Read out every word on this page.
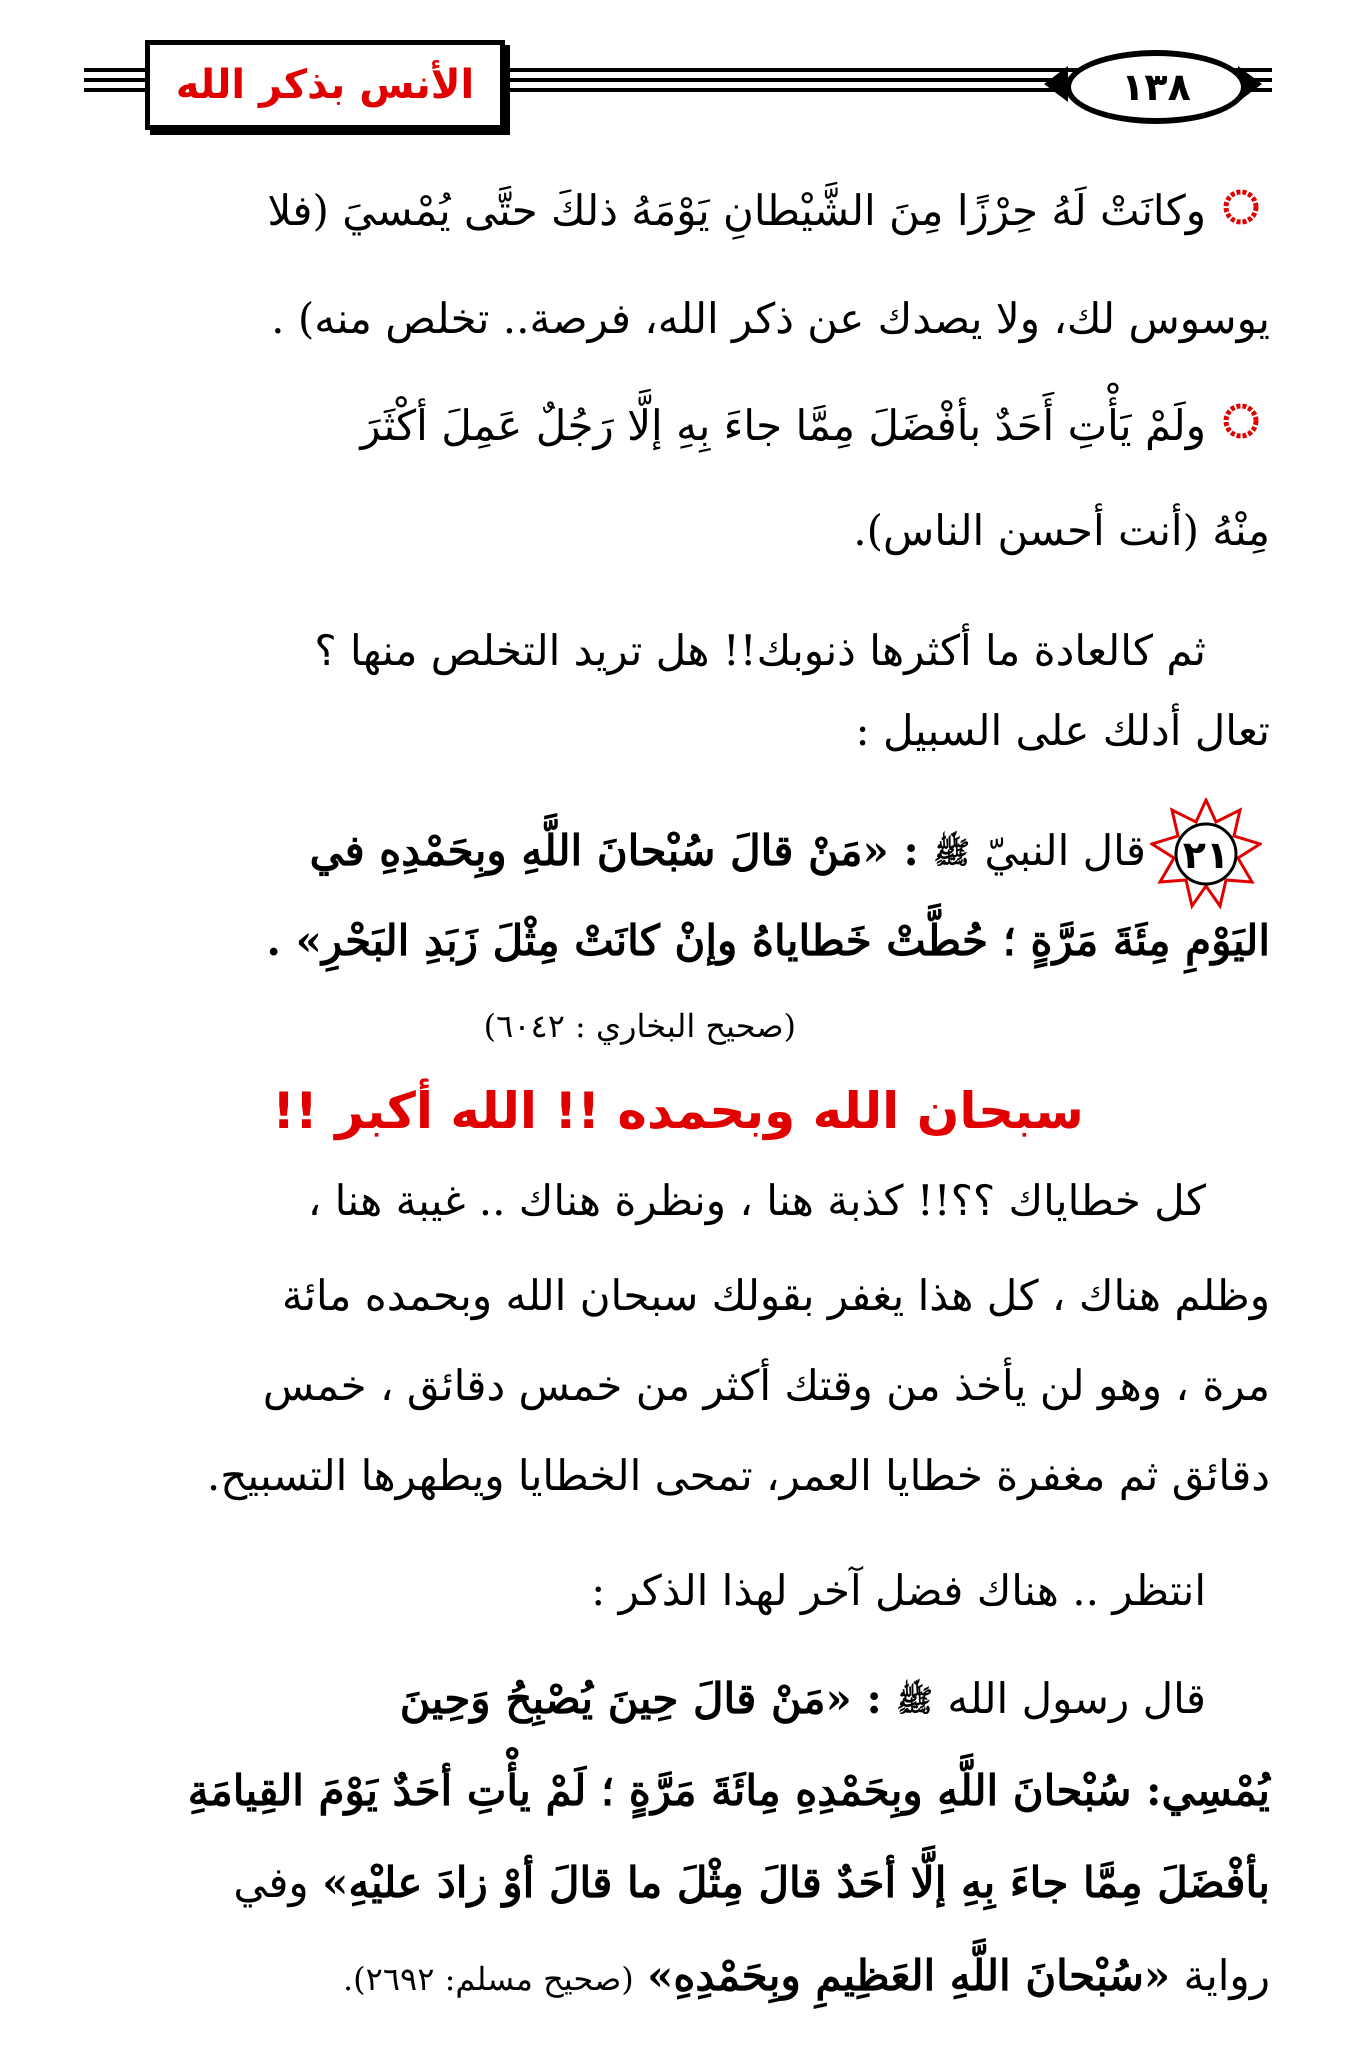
الأنس بذكر الله	١٣٨
وكانَتْ لَهُ حِرْزًا مِنَ الشَّيْطانِ يَوْمَهُ ذلكَ حتَّى يُمْسيَ (فلا
يوسوس لك، ولا يصدك عن ذكر الله، فرصة.. تخلص منه) .
ولَمْ يَأْتِ أَحَدٌ بأفْضَلَ مِمَّا جاءَ بِهِ إلَّا رَجُلٌ عَمِلَ أكْثَرَ
مِنْهُ (أنت أحسن الناس).
ثم كالعادة ما أكثرها ذنوبك!! هل تريد التخلص منها ؟
تعال أدلك على السبيل :
٢١
قال النبيّ ﷺ : «مَنْ قالَ سُبْحانَ اللَّهِ وبِحَمْدِهِ في
اليَوْمِ مِئَةَ مَرَّةٍ ؛ حُطَّتْ خَطاياهُ وإنْ كانَتْ مِثْلَ زَبَدِ البَحْرِ» .
(صحيح البخاري : ٦٠٤٢)
سبحان الله وبحمده !! الله أكبر !!
كل خطاياك ؟؟!! كذبة هنا ، ونظرة هناك .. غيبة هنا ،
وظلم هناك ، كل هذا يغفر بقولك سبحان الله وبحمده مائة
مرة ، وهو لن يأخذ من وقتك أكثر من خمس دقائق ، خمس
دقائق ثم مغفرة خطايا العمر، تمحى الخطايا ويطهرها التسبيح.
انتظر .. هناك فضل آخر لهذا الذكر :
قال رسول الله ﷺ : «مَنْ قالَ حِينَ يُصْبِحُ وَحِينَ
يُمْسِي: سُبْحانَ اللَّهِ وبِحَمْدِهِ مِائَةَ مَرَّةٍ ؛ لَمْ يأْتِ أحَدٌ يَوْمَ القِيامَةِ
بأفْضَلَ مِمَّا جاءَ بِهِ إلَّا أحَدٌ قالَ مِثْلَ ما قالَ أوْ زادَ عليْهِ» وفي
رواية «سُبْحانَ اللَّهِ العَظِيمِ وبِحَمْدِهِ» (صحيح مسلم: ٢٦٩٢).
